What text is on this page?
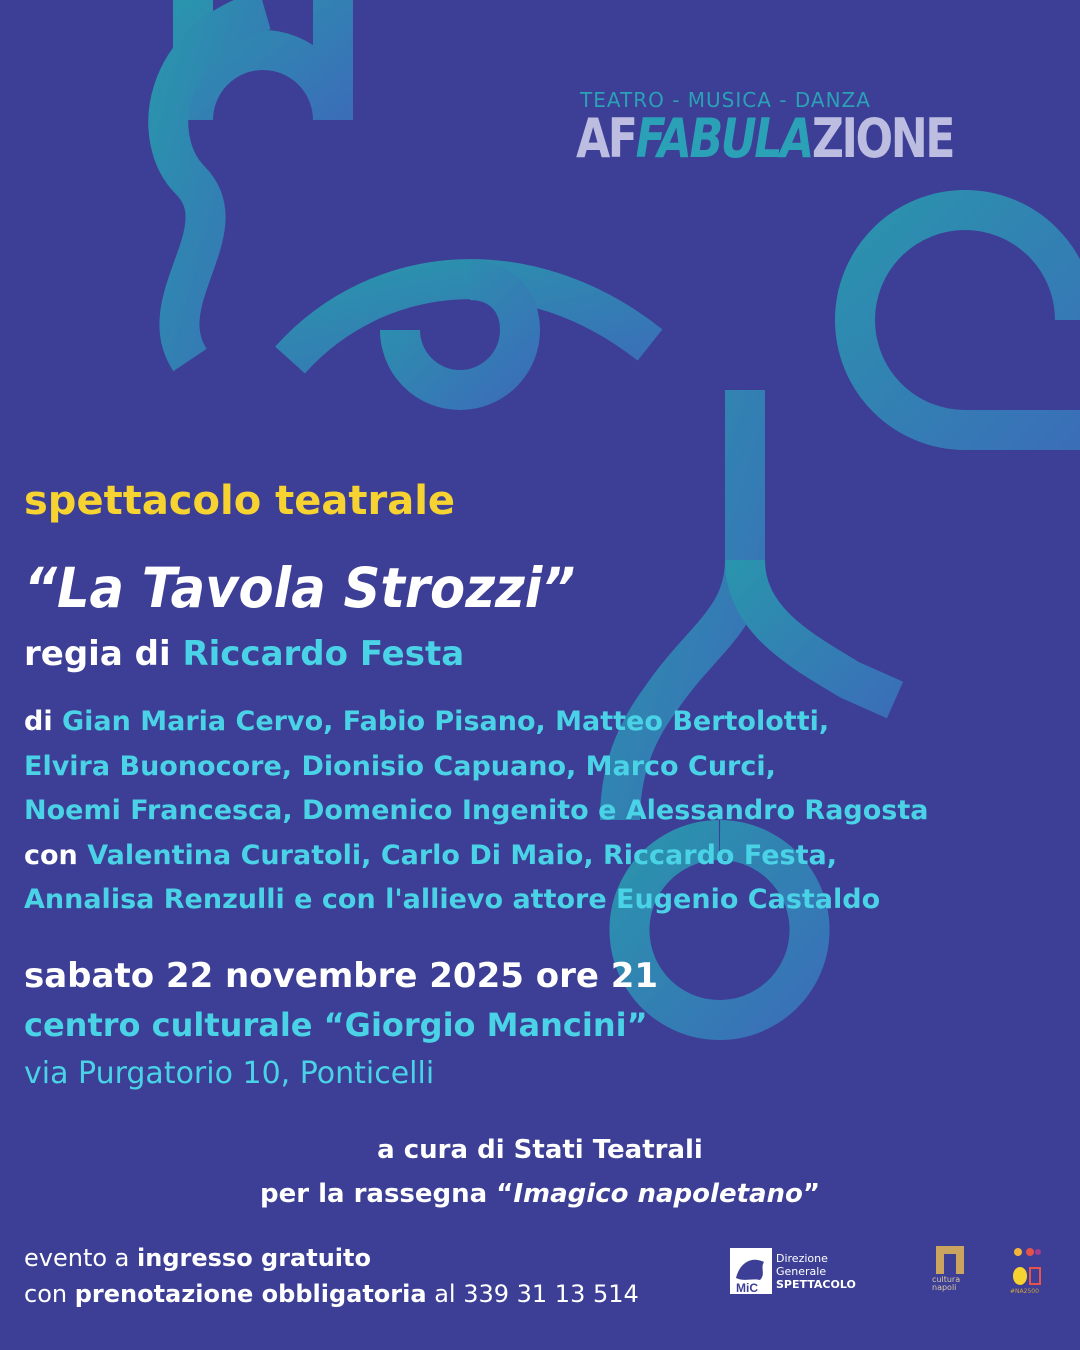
TEATRO - MUSICA - DANZA
AFFABULAZIONE
spettacolo teatrale
“La Tavola Strozzi”
regia di Riccardo Festa
di Gian Maria Cervo, Fabio Pisano, Matteo Bertolotti,
Elvira Buonocore, Dionisio Capuano, Marco Curci,
Noemi Francesca, Domenico Ingenito e Alessandro Ragosta
con Valentina Curatoli, Carlo Di Maio, Riccardo Festa,
Annalisa Renzulli e con l'allievo attore Eugenio Castaldo
sabato 22 novembre 2025 ore 21
centro culturale “Giorgio Mancini”
via Purgatorio 10, Ponticelli
a cura di Stati Teatrali
per la rassegna “Imagico napoletano”
evento a ingresso gratuito
con prenotazione obbligatoria al 339 31 13 514	MiC
Direzione
Generale
SPETTACOLO	cultura
napoli	#NA2500
